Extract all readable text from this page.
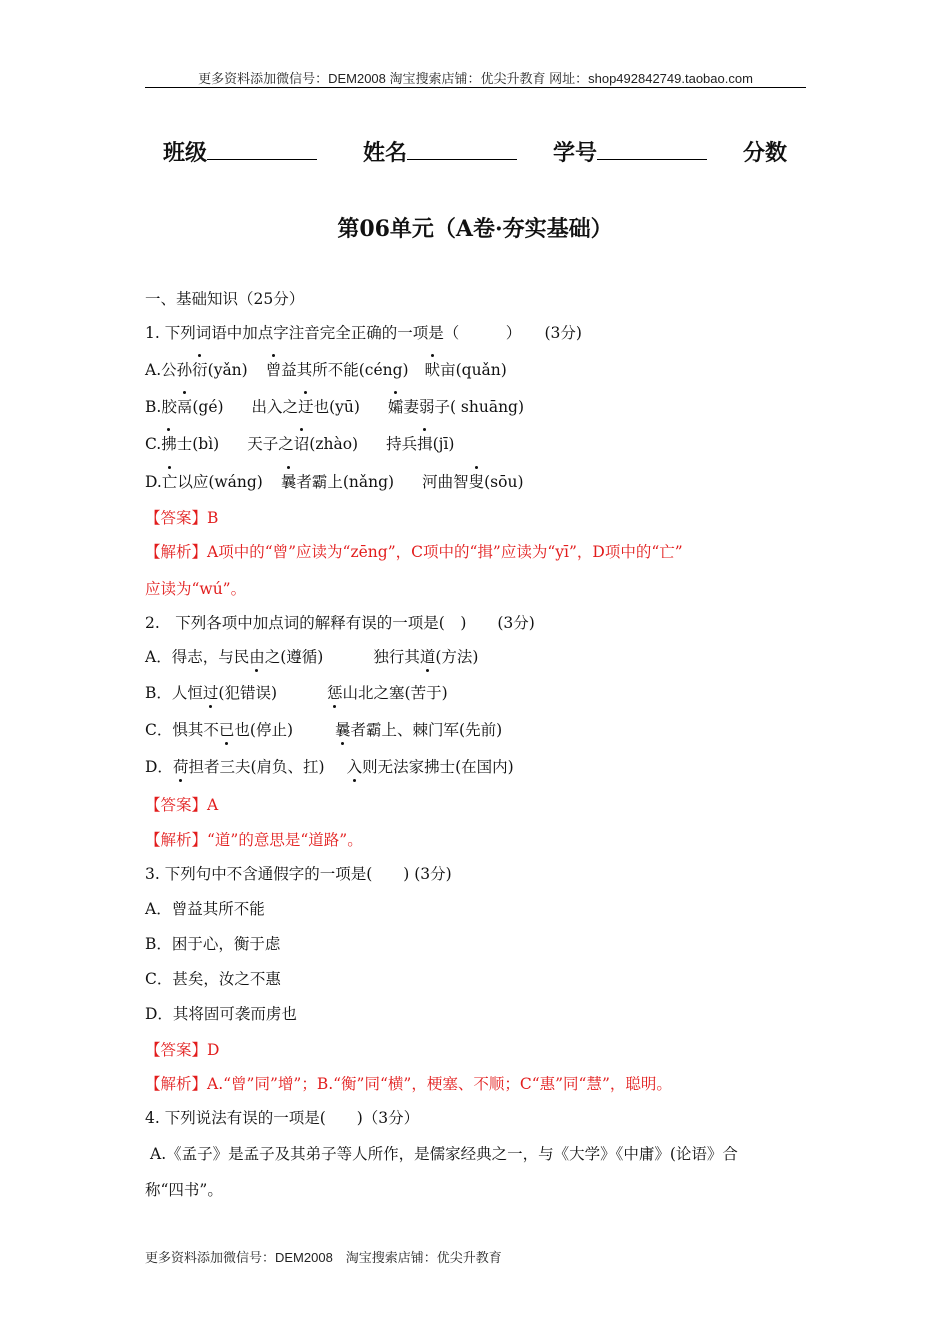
更多资料添加微信号：DEM2008 淘宝搜索店铺：优尖升教育 网址：shop492842749.taobao.com
班级	姓名	学号	分数
第06单元（A卷·夯实基础）
一、基础知识（25分）
1. 下列词语中加点字注音完全正确的一项是（　　　）　　(3分)
A.公孙衍(yǎn) 曾益其所不能(céng) 畎亩(quǎn)
B.胶鬲(gé) 出入之迂也(yū) 孀妻弱子( shuāng)
C.拂士(bì) 天子之诏(zhào) 持兵揖(jī)
D.亡以应(wáng) 曩者霸上(nǎng) 河曲智叟(sōu)
【答案】B
【解析】A项中的“曾”应读为“zēng”，C项中的“揖”应读为“yī”，D项中的“亡”
应读为“wú”。
2.　下列各项中加点词的解释有误的一项是(　)　　(3分)
A．得志，与民由之(遵循)	独行其道(方法)
B．人恒过(犯错误)	惩山北之塞(苦于)
C．惧其不已也(停止)	曩者霸上、棘门军(先前)
D．荷担者三夫(肩负、扛) 入则无法家拂士(在国内)
【答案】A
【解析】“道”的意思是“道路”。
3. 下列句中不含通假字的一项是(　　) (3分)
A．曾益其所不能
B．困于心，衡于虑
C．甚矣，汝之不惠
D．其将固可袭而虏也
【答案】D
【解析】A.“曾”同”增”；B.“衡”同“横”，梗塞、不顺；C“惠”同“慧”，聪明。
4. 下列说法有误的一项是(　　)（3分）
A.《孟子》是孟子及其弟子等人所作，是儒家经典之一，与《大学》《中庸》(论语》合
称“四书”。
更多资料添加微信号：DEM2008　淘宝搜索店铺：优尖升教育
